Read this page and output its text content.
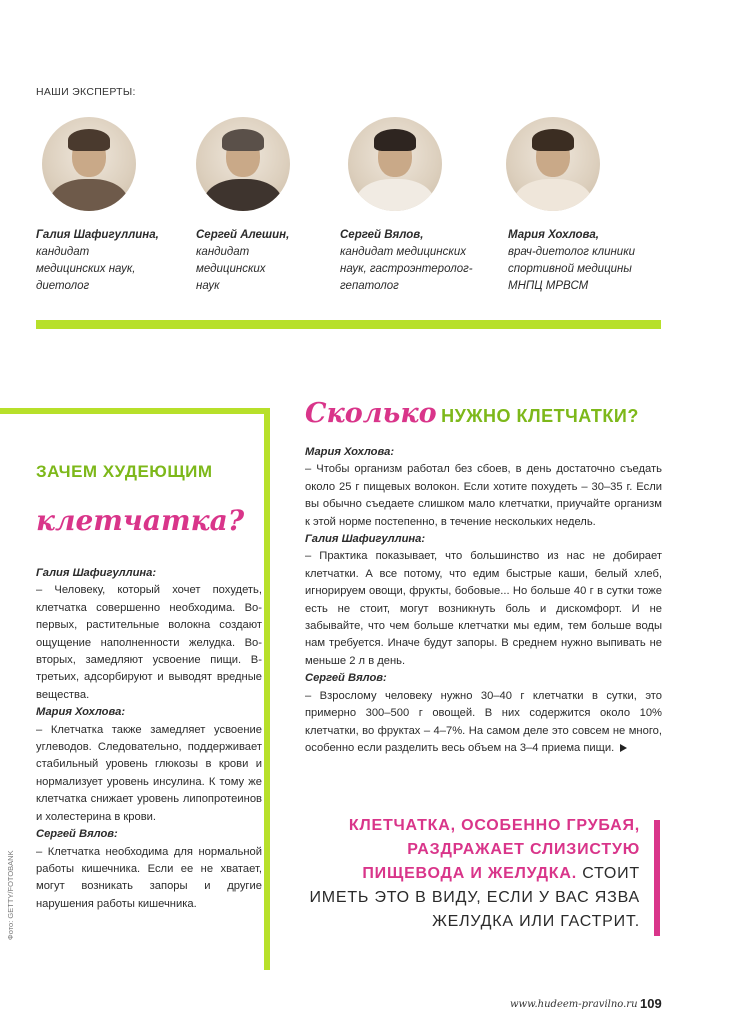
НАШИ ЭКСПЕРТЫ:
Галия Шафигуллина,
кандидат медицинских наук, диетолог
Сергей Алешин,
кандидат медицинских наук
Сергей Вялов,
кандидат медицинских наук, гастроэнтеролог-гепатолог
Мария Хохлова,
врач-диетолог клиники спортивной медицины МНПЦ МРВСМ
ЗАЧЕМ ХУДЕЮЩИМ
клетчатка?

Галия Шафигуллина:

– Человеку, который хочет похудеть, клетчатка совершенно необходима. Во-первых, растительные волокна создают ощущение наполненности желудка. Во-вторых, замедляют усвоение пищи. В-третьих, адсорбируют и выводят вредные вещества.

Мария Хохлова:

– Клетчатка также замедляет усвоение углеводов. Следовательно, поддерживает стабильный уровень глюкозы в крови и нормализует уровень инсулина. К тому же клетчатка снижает уровень липопротеинов и холестерина в крови.

Сергей Вялов:

– Клетчатка необходима для нормальной работы кишечника. Если ее не хватает, могут возникать запоры и другие нарушения работы кишечника.

Фото: GETTY/FOTOBANK
Сколько НУЖНО КЛЕТЧАТКИ?

Мария Хохлова:

– Чтобы организм работал без сбоев, в день достаточно съедать около 25 г пищевых волокон. Если хотите похудеть – 30–35 г. Если вы обычно съедаете слишком мало клетчатки, приучайте организм к этой норме постепенно, в течение нескольких недель.

Галия Шафигуллина:

– Практика показывает, что большинство из нас не добирает клетчатки. А все потому, что едим быстрые каши, белый хлеб, игнорируем овощи, фрукты, бобовые... Но больше 40 г в сутки тоже есть не стоит, могут возникнуть боль и дискомфорт. И не забывайте, что чем больше клетчатки мы едим, тем больше воды нам требуется. Иначе будут запоры. В среднем нужно выпивать не меньше 2 л в день.

Сергей Вялов:

– Взрослому человеку нужно 30–40 г клетчатки в сутки, это примерно 300–500 г овощей. В них содержится около 10% клетчатки, во фруктах – 4–7%. На самом деле это совсем не много, особенно если разделить весь объем на 3–4 приема пищи.

КЛЕТЧАТКА, ОСОБЕННО ГРУБАЯ, РАЗДРАЖАЕТ СЛИЗИСТУЮ ПИЩЕВОДА И ЖЕЛУДКА. СТОИТ ИМЕТЬ ЭТО В ВИДУ, ЕСЛИ У ВАС ЯЗВА ЖЕЛУДКА ИЛИ ГАСТРИТ.
www.hudeem-pravilno.ru 109
